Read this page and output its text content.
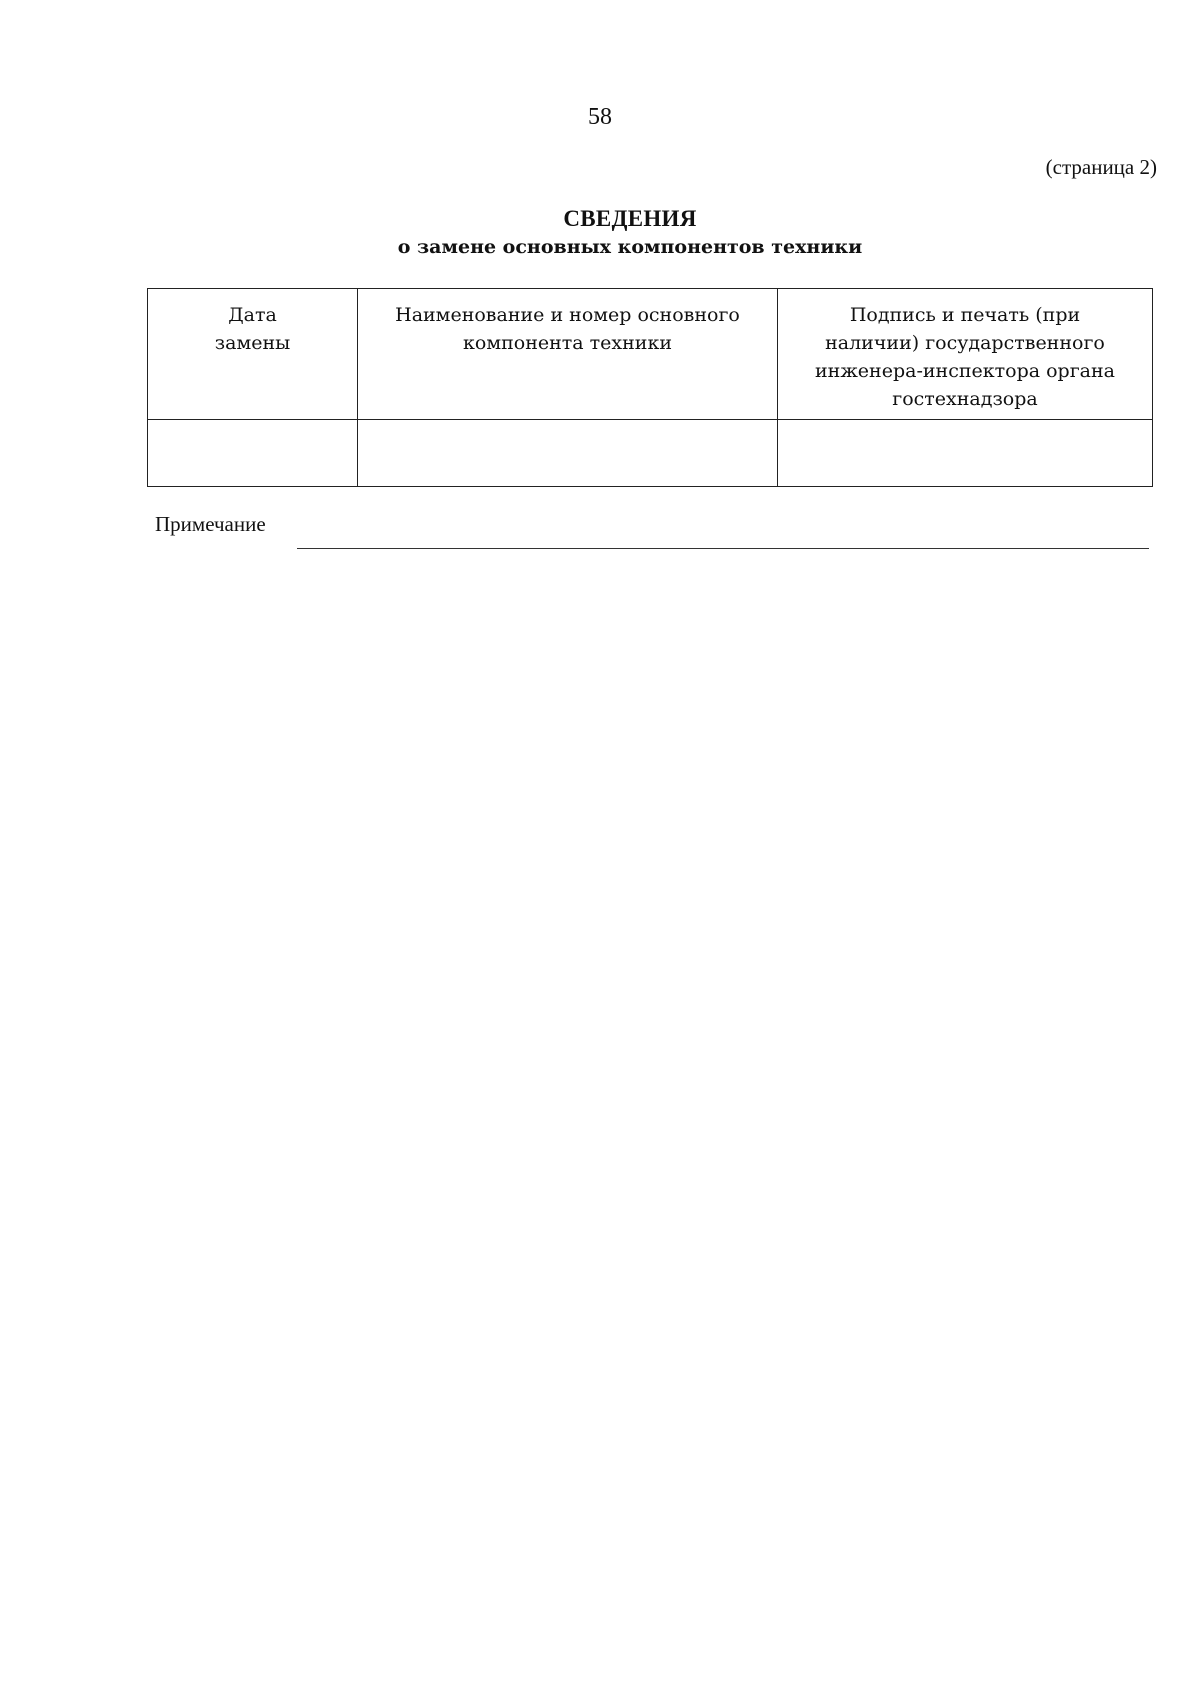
58
(страница 2)
СВЕДЕНИЯ
о замене основных компонентов техники
Дата замены	Наименование и номер основного компонента техники	Подпись и печать (при наличии) государственного инженера-инспектора органа гостехнадзора

Примечание
